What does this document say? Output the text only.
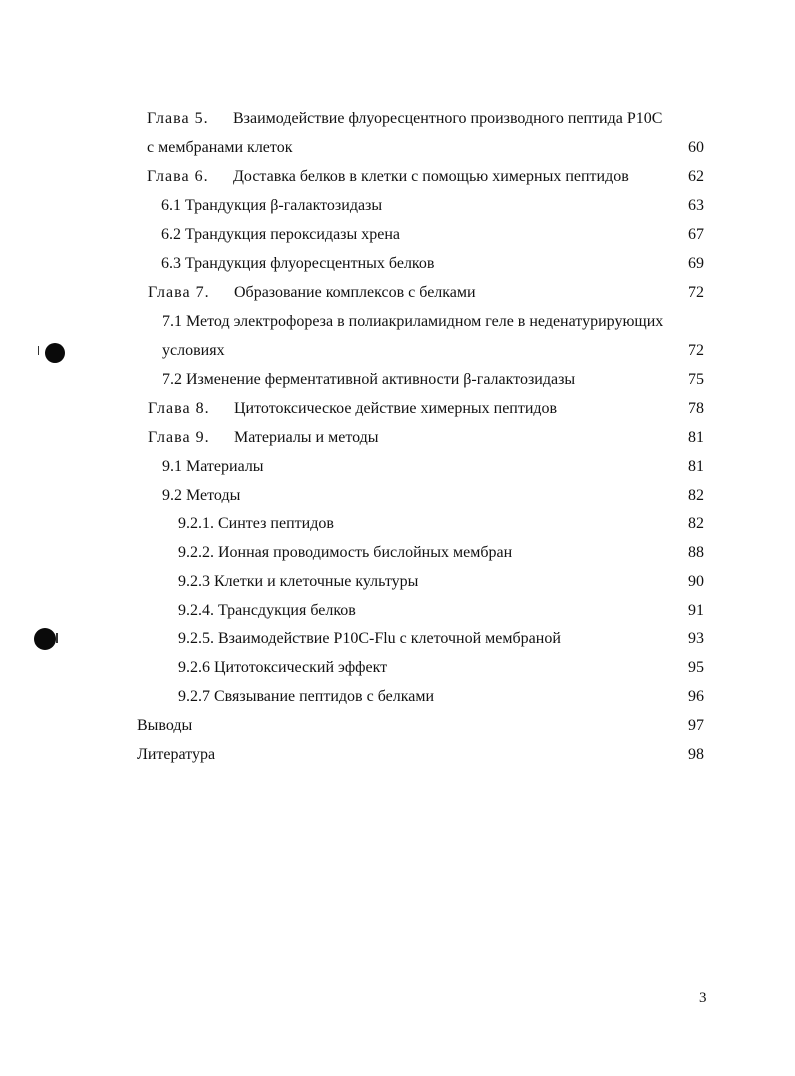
Глава 5. Взаимодействие флуоресцентного производного пептида P10C
с мембранами клеток	60
Глава 6. Доставка белков в клетки с помощью химерных пептидов	62
6.1 Трандукция β-галактозидазы	63
6.2 Трандукция пероксидазы хрена	67
6.3 Трандукция флуоресцентных белков	69
Глава 7. Образование комплексов с белками	72
7.1 Метод электрофореза в полиакриламидном геле в неденатурирующих
условиях	72
7.2 Изменение ферментативной активности β-галактозидазы	75
Глава 8. Цитотоксическое действие химерных пептидов	78
Глава 9. Материалы и методы	81
9.1 Материалы	81
9.2 Методы	82
9.2.1. Синтез пептидов	82
9.2.2. Ионная проводимость бислойных мембран	88
9.2.3 Клетки и клеточные культуры	90
9.2.4. Трансдукция белков	91
9.2.5. Взаимодействие P10C-Flu с клеточной мембраной	93
9.2.6 Цитотоксический эффект	95
9.2.7 Связывание пептидов с белками	96
Выводы	97
Литература	98
3
